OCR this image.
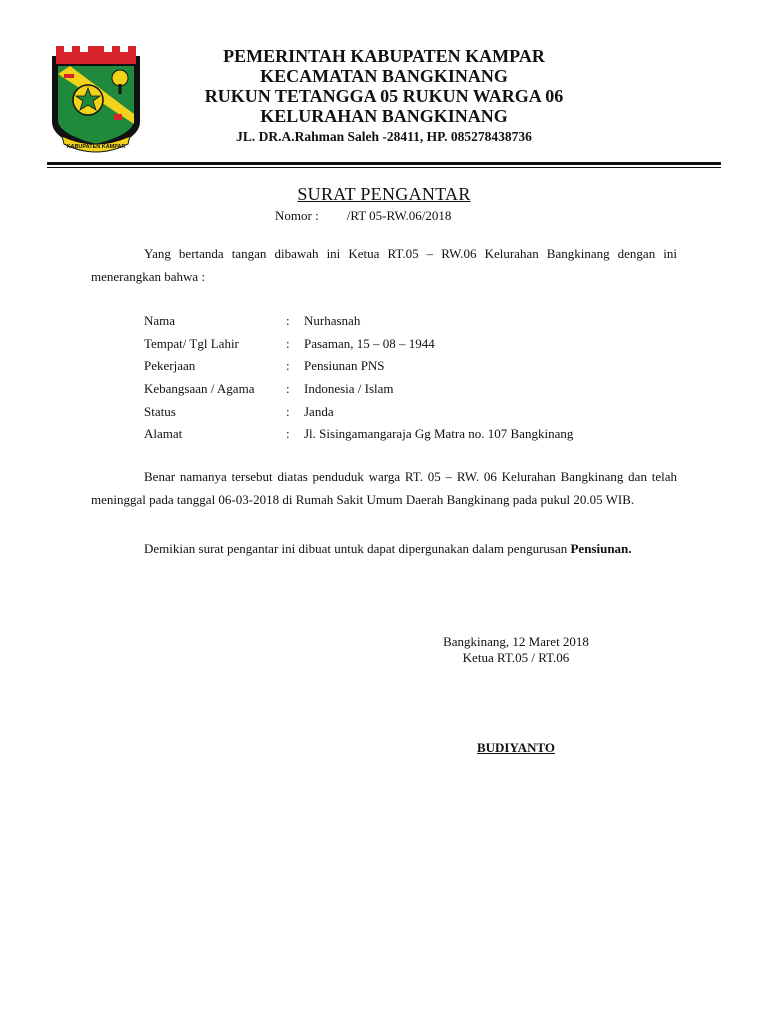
KABUPATEN KAMPAR
PEMERINTAH KABUPATEN KAMPAR
KECAMATAN BANGKINANG
RUKUN TETANGGA 05 RUKUN WARGA 06
KELURAHAN BANGKINANG
JL. DR.A.Rahman Saleh -28411, HP. 085278438736
SURAT PENGANTAR
Nomor : /RT 05-RW.06/2018
Yang bertanda tangan dibawah ini Ketua RT.05 – RW.06 Kelurahan Bangkinang dengan ini menerangkan bahwa :
Nama	: Nurhasnah
Tempat/ Tgl Lahir	: Pasaman, 15 – 08 – 1944
Pekerjaan	: Pensiunan PNS
Kebangsaan / Agama : Indonesia / Islam
Status	: Janda
Alamat	: Jl. Sisingamangaraja Gg Matra no. 107 Bangkinang
Benar namanya tersebut diatas penduduk warga RT. 05 – RW. 06 Kelurahan Bangkinang dan telah meninggal pada tanggal 06-03-2018 di Rumah Sakit Umum Daerah Bangkinang pada pukul 20.05 WIB.
Demikian surat pengantar ini dibuat untuk dapat dipergunakan dalam pengurusan Pensiunan.
Bangkinang, 12 Maret 2018
Ketua RT.05 / RT.06
BUDIYANTO
